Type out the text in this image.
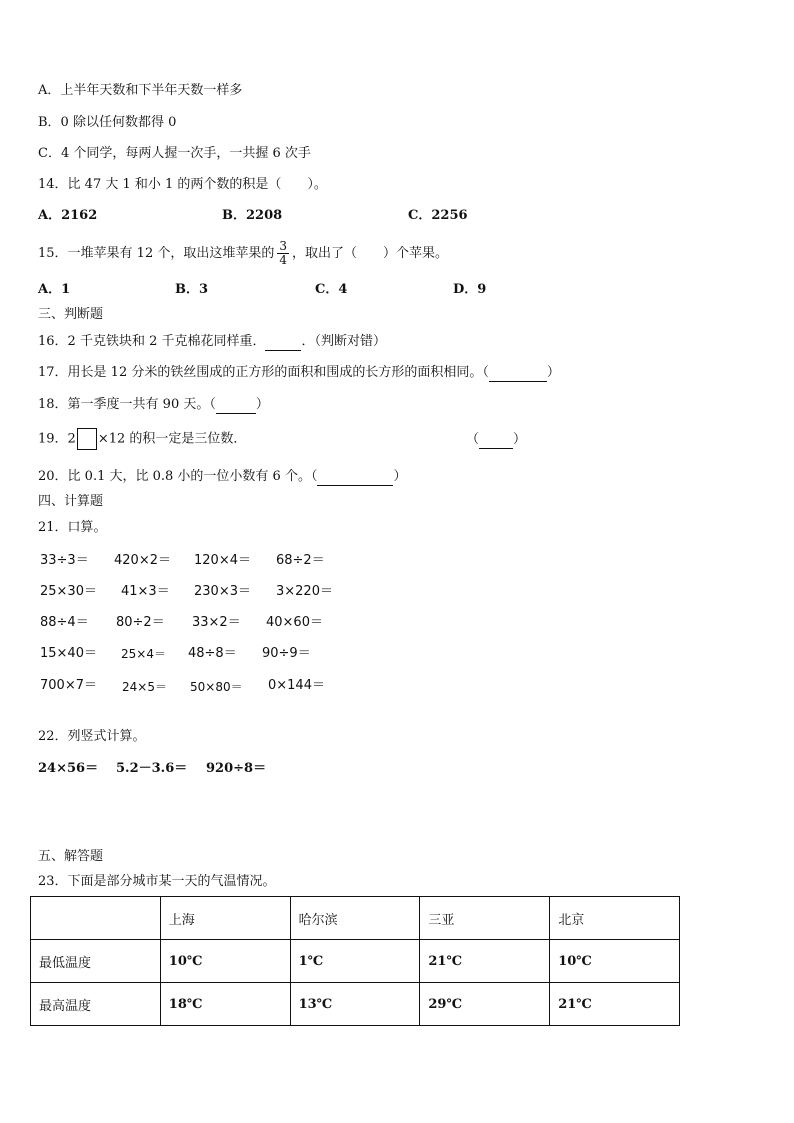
A．上半年天数和下半年天数一样多
B．0 除以任何数都得 0
C．4 个同学，每两人握一次手，一共握 6 次手
14．比 47 大 1 和小 1 的两个数的积是（　　）。
A．2162	B．2208	C．2256
15．一堆苹果有 12 个，取出这堆苹果的 $\frac{3}{4}$ ，取出了（　　）个苹果。
A．1	B．3	C．4	D．9
三、判断题
16．2 千克铁块和 2 千克棉花同样重．	．（判断对错）
17．用长是 12 分米的铁丝围成的正方形的面积和围成的长方形的面积相同。（	）
18．第一季度一共有 90 天。（	）
19．2 ×12 的积一定是三位数．	（	）
20．比 0.1 大，比 0.8 小的一位小数有 6 个。（	）
四、计算题
21．口算。
33÷3＝ 420×2＝ 120×4＝ 68÷2＝
25×30＝ 41×3＝ 230×3＝ 3×220＝
88÷4＝ 80÷2＝ 33×2＝ 40×60＝
15×40＝ 25×4＝ 48÷8＝ 90÷9＝
700×7＝ 24×5＝ 50×80＝ 0×144＝
22．列竖式计算。
24×56＝ 5.2－3.6＝ 920÷8＝
五、解答题
23．下面是部分城市某一天的气温情况。
	上海	哈尔滨	三亚	北京
最低温度	10℃	1℃	21℃	10℃
最高温度	18℃	13℃	29℃	21℃
